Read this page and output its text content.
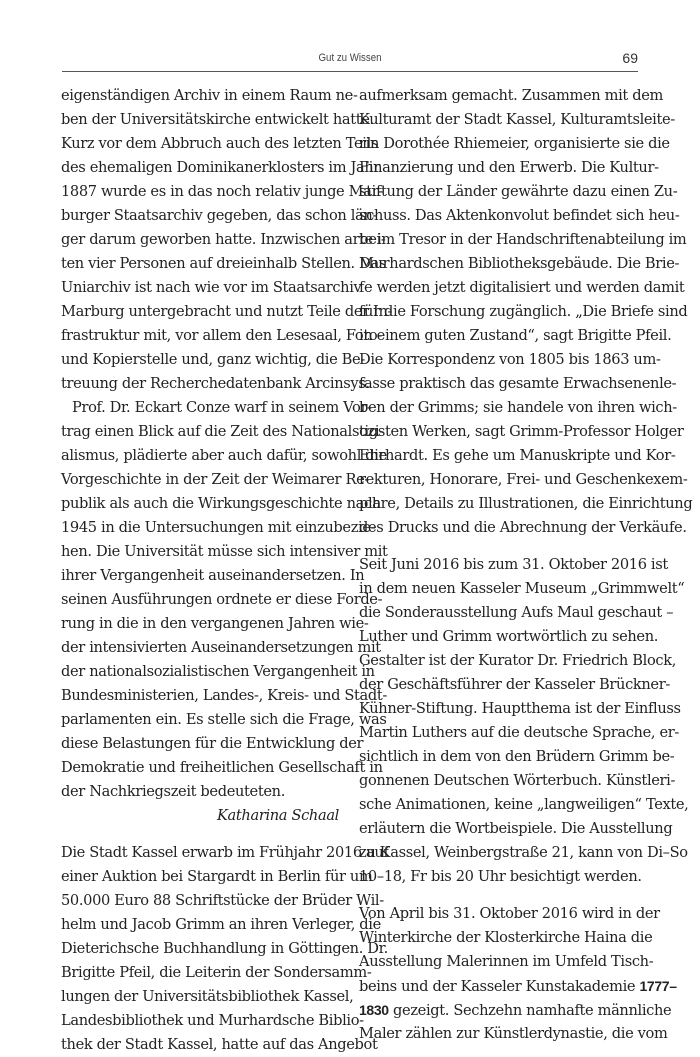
Gut zu Wissen	69
eigenständigen Archiv in einem Raum ne-
ben der Universitätskirche entwickelt hatte.
Kurz vor dem Abbruch auch des letzten Teils
des ehemaligen Dominikanerklosters im Jahr
1887 wurde es in das noch relativ junge Mar-
burger Staatsarchiv gegeben, das schon län-
ger darum geworben hatte. Inzwischen arbei-
ten vier Personen auf dreieinhalb Stellen. Das
Uniarchiv ist nach wie vor im Staatsarchiv
Marburg untergebracht und nutzt Teile der In-
frastruktur mit, vor allem den Lesesaal, Foto-
und Kopierstelle und, ganz wichtig, die Be-
treuung der Recherchedatenbank Arcinsys.
Prof. Dr. Eckart Conze warf in seinem Vor-
trag einen Blick auf die Zeit des Nationalsozi-
alismus, plädierte aber auch dafür, sowohl die
Vorgeschichte in der Zeit der Weimarer Re-
publik als auch die Wirkungsgeschichte nach
1945 in die Untersuchungen mit einzubezie-
hen. Die Universität müsse sich intensiver mit
ihrer Vergangenheit auseinandersetzen. In
seinen Ausführungen ordnete er diese Forde-
rung in die in den vergangenen Jahren wie-
der intensivierten Auseinandersetzungen mit
der nationalsozialistischen Vergangenheit in
Bundesministerien, Landes-, Kreis- und Stadt-
parlamenten ein. Es stelle sich die Frage, was
diese Belastungen für die Entwicklung der
Demokratie und freiheitlichen Gesellschaft in
der Nachkriegszeit bedeuteten.
Katharina Schaal
Die Stadt Kassel erwarb im Frühjahr 2016 auf
einer Auktion bei Stargardt in Berlin für um
50.000 Euro 88 Schriftstücke der Brüder Wil-
helm und Jacob Grimm an ihren Verleger, die
Dieterichsche Buchhandlung in Göttingen. Dr.
Brigitte Pfeil, die Leiterin der Sondersamm-
lungen der Universitätsbibliothek Kassel,
Landesbibliothek und Murhardsche Biblio-
thek der Stadt Kassel, hatte auf das Angebot
aufmerksam gemacht. Zusammen mit dem
Kulturamt der Stadt Kassel, Kulturamtsleite-
rin Dorothée Rhiemeier, organisierte sie die
Finanzierung und den Erwerb. Die Kultur-
stiftung der Länder gewährte dazu einen Zu-
schuss. Das Aktenkonvolut befindet sich heu-
te im Tresor in der Handschriftenabteilung im
Murhardschen Bibliotheksgebäude. Die Brie-
fe werden jetzt digitalisiert und werden damit
für die Forschung zugänglich. „Die Briefe sind
in einem guten Zustand“, sagt Brigitte Pfeil.
Die Korrespondenz von 1805 bis 1863 um-
fasse praktisch das gesamte Erwachsenenle-
ben der Grimms; sie handele von ihren wich-
tigsten Werken, sagt Grimm-Professor Holger
Ehrhardt. Es gehe um Manuskripte und Kor-
rekturen, Honorare, Frei- und Geschenkexem-
plare, Details zu Illustrationen, die Einrichtung
des Drucks und die Abrechnung der Verkäufe.
Seit Juni 2016 bis zum 31. Oktober 2016 ist
in dem neuen Kasseler Museum „Grimmwelt“
die Sonderausstellung Aufs Maul geschaut –
Luther und Grimm wortwörtlich zu sehen.
Gestalter ist der Kurator Dr. Friedrich Block,
der Geschäftsführer der Kasseler Brückner-
Kühner-Stiftung. Hauptthema ist der Einfluss
Martin Luthers auf die deutsche Sprache, er-
sichtlich in dem von den Brüdern Grimm be-
gonnenen Deutschen Wörterbuch. Künstleri-
sche Animationen, keine „langweiligen“ Texte,
erläutern die Wortbeispiele. Die Ausstellung
zu Kassel, Weinbergstraße 21, kann von Di–So
10–18, Fr bis 20 Uhr besichtigt werden.
Von April bis 31. Oktober 2016 wird in der
Winterkirche der Klosterkirche Haina die
Ausstellung Malerinnen im Umfeld Tisch-
beins und der Kasseler Kunstakademie 1777–
1830 gezeigt. Sechzehn namhafte männliche
Maler zählen zur Künstlerdynastie, die vom
